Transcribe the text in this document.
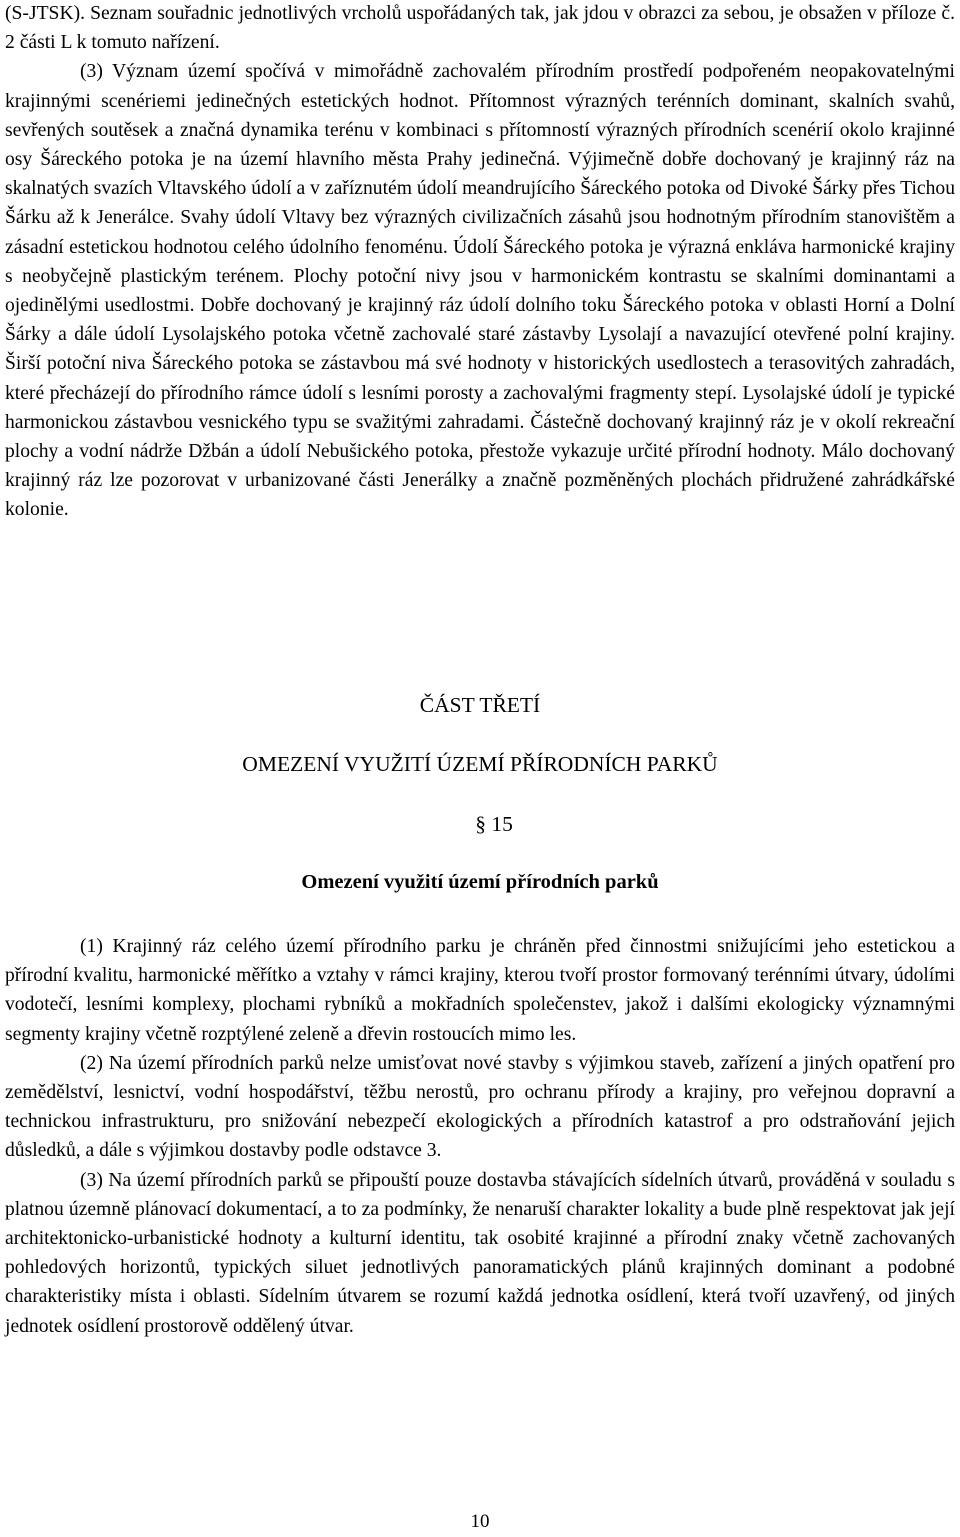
(S-JTSK). Seznam souřadnic jednotlivých vrcholů uspořádaných tak, jak jdou v obrazci za sebou, je obsažen v příloze č. 2 části L k tomuto nařízení.
(3) Význam území spočívá v mimořádně zachovalém přírodním prostředí podpořeném neopakovatelnými krajinnými scenériemi jedinečných estetických hodnot. Přítomnost výrazných terénních dominant, skalních svahů, sevřených soutěsek a značná dynamika terénu v kombinaci s přítomností výrazných přírodních scenérií okolo krajinné osy Šáreckého potoka je na území hlavního města Prahy jedinečná. Výjimečně dobře dochovaný je krajinný ráz na skalnatých svazích Vltavského údolí a v zaříznutém údolí meandrujícího Šáreckého potoka od Divoké Šárky přes Tichou Šárku až k Jenerálce. Svahy údolí Vltavy bez výrazných civilizačních zásahů jsou hodnotným přírodním stanovištěm a zásadní estetickou hodnotou celého údolního fenoménu. Údolí Šáreckého potoka je výrazná enkláva harmonické krajiny s neobyčejně plastickým terénem. Plochy potoční nivy jsou v harmonickém kontrastu se skalními dominantami a ojedinělými usedlostmi. Dobře dochovaný je krajinný ráz údolí dolního toku Šáreckého potoka v oblasti Horní a Dolní Šárky a dále údolí Lysolajského potoka včetně zachovalé staré zástavby Lysolají a navazující otevřené polní krajiny. Širší potoční niva Šáreckého potoka se zástavbou má své hodnoty v historických usedlostech a terasovitých zahradách, které přecházejí do přírodního rámce údolí s lesními porosty a zachovalými fragmenty stepí. Lysolajské údolí je typické harmonickou zástavbou vesnického typu se svažitými zahradami. Částečně dochovaný krajinný ráz je v okolí rekreační plochy a vodní nádrže Džbán a údolí Nebušického potoka, přestože vykazuje určité přírodní hodnoty. Málo dochovaný krajinný ráz lze pozorovat v urbanizované části Jenerálky a značně pozměněných plochách přidružené zahrádkářské kolonie.
ČÁST TŘETÍ
OMEZENÍ VYUŽITÍ ÚZEMÍ PŘÍRODNÍCH PARKŮ
§ 15
Omezení využití území přírodních parků
(1) Krajinný ráz celého území přírodního parku je chráněn před činnostmi snižujícími jeho estetickou a přírodní kvalitu, harmonické měřítko a vztahy v rámci krajiny, kterou tvoří prostor formovaný terénními útvary, údolími vodotečí, lesními komplexy, plochami rybníků a mokřadních společenstev, jakož i dalšími ekologicky významnými segmenty krajiny včetně rozptýlené zeleně a dřevin rostoucích mimo les.
(2) Na území přírodních parků nelze umisťovat nové stavby s výjimkou staveb, zařízení a jiných opatření pro zemědělství, lesnictví, vodní hospodářství, těžbu nerostů, pro ochranu přírody a krajiny, pro veřejnou dopravní a technickou infrastrukturu, pro snižování nebezpečí ekologických a přírodních katastrof a pro odstraňování jejich důsledků, a dále s výjimkou dostavby podle odstavce 3.
(3) Na území přírodních parků se připouští pouze dostavba stávajících sídelních útvarů, prováděná v souladu s platnou územně plánovací dokumentací, a to za podmínky, že nenaruší charakter lokality a bude plně respektovat jak její architektonicko-urbanistické hodnoty a kulturní identitu, tak osobité krajinné a přírodní znaky včetně zachovaných pohledových horizontů, typických siluet jednotlivých panoramatických plánů krajinných dominant a podobné charakteristiky místa i oblasti. Sídelním útvarem se rozumí každá jednotka osídlení, která tvoří uzavřený, od jiných jednotek osídlení prostorově oddělený útvar.
10
